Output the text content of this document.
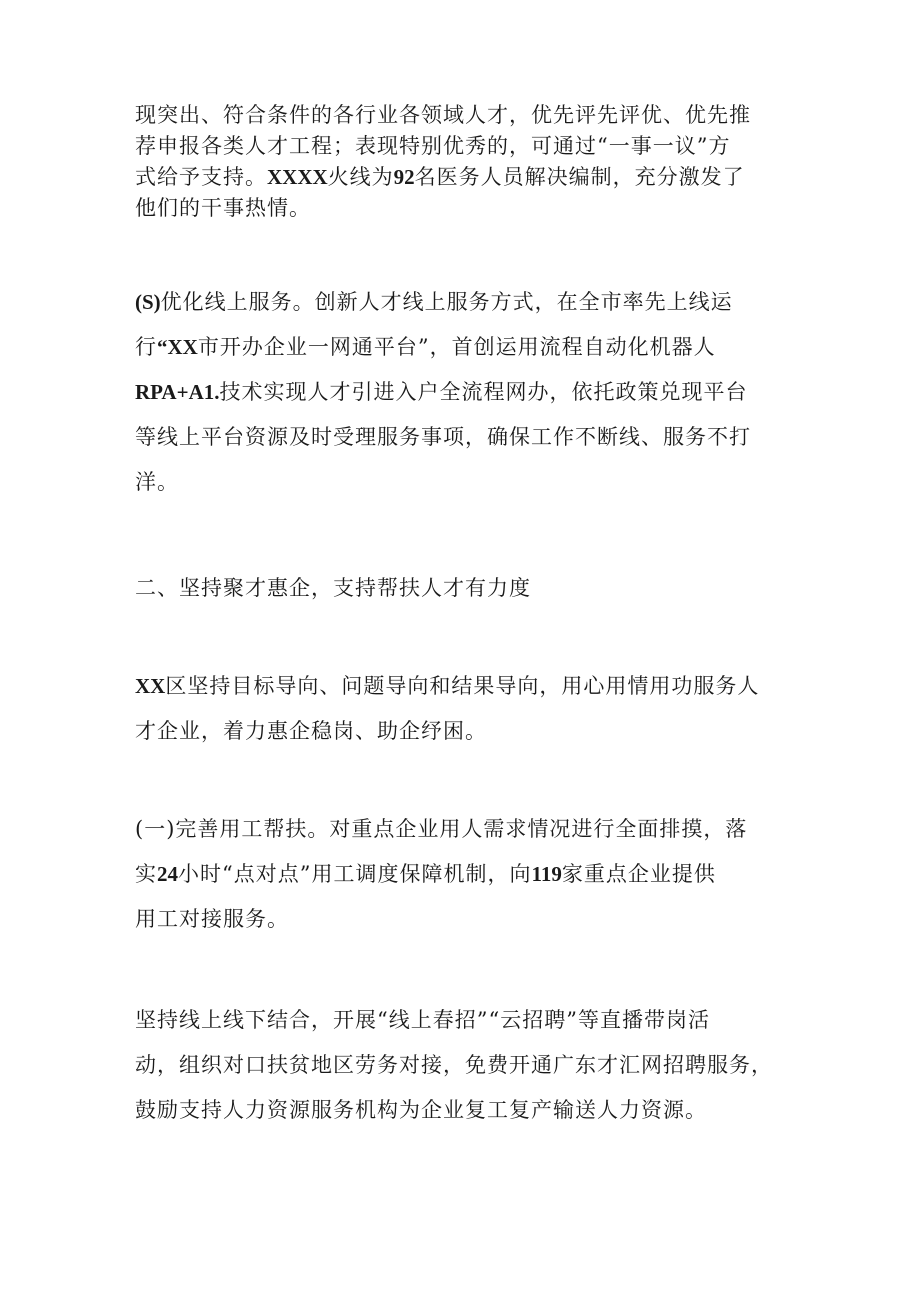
现突出、符合条件的各行业各领域人才，优先评先评优、优先推
荐申报各类人才工程；表现特别优秀的，可通过“一事一议”方
式给予支持。XXXX火线为92名医务人员解决编制，充分激发了
他们的干事热情。
(S)优化线上服务。创新人才线上服务方式，在全市率先上线运
行“XX市开办企业一网通平台”，首创运用流程自动化机器人
RPA+A1.技术实现人才引进入户全流程网办，依托政策兑现平台
等线上平台资源及时受理服务事项，确保工作不断线、服务不打
洋。
二、坚持聚才惠企，支持帮扶人才有力度
XX区坚持目标导向、问题导向和结果导向，用心用情用功服务人
才企业，着力惠企稳岗、助企纾困。
(一)完善用工帮扶。对重点企业用人需求情况进行全面排摸，落
实24小时“点对点”用工调度保障机制，向119家重点企业提供
用工对接服务。
坚持线上线下结合，开展“线上春招”“云招聘”等直播带岗活
动，组织对口扶贫地区劳务对接，免费开通广东才汇网招聘服务，
鼓励支持人力资源服务机构为企业复工复产输送人力资源。
